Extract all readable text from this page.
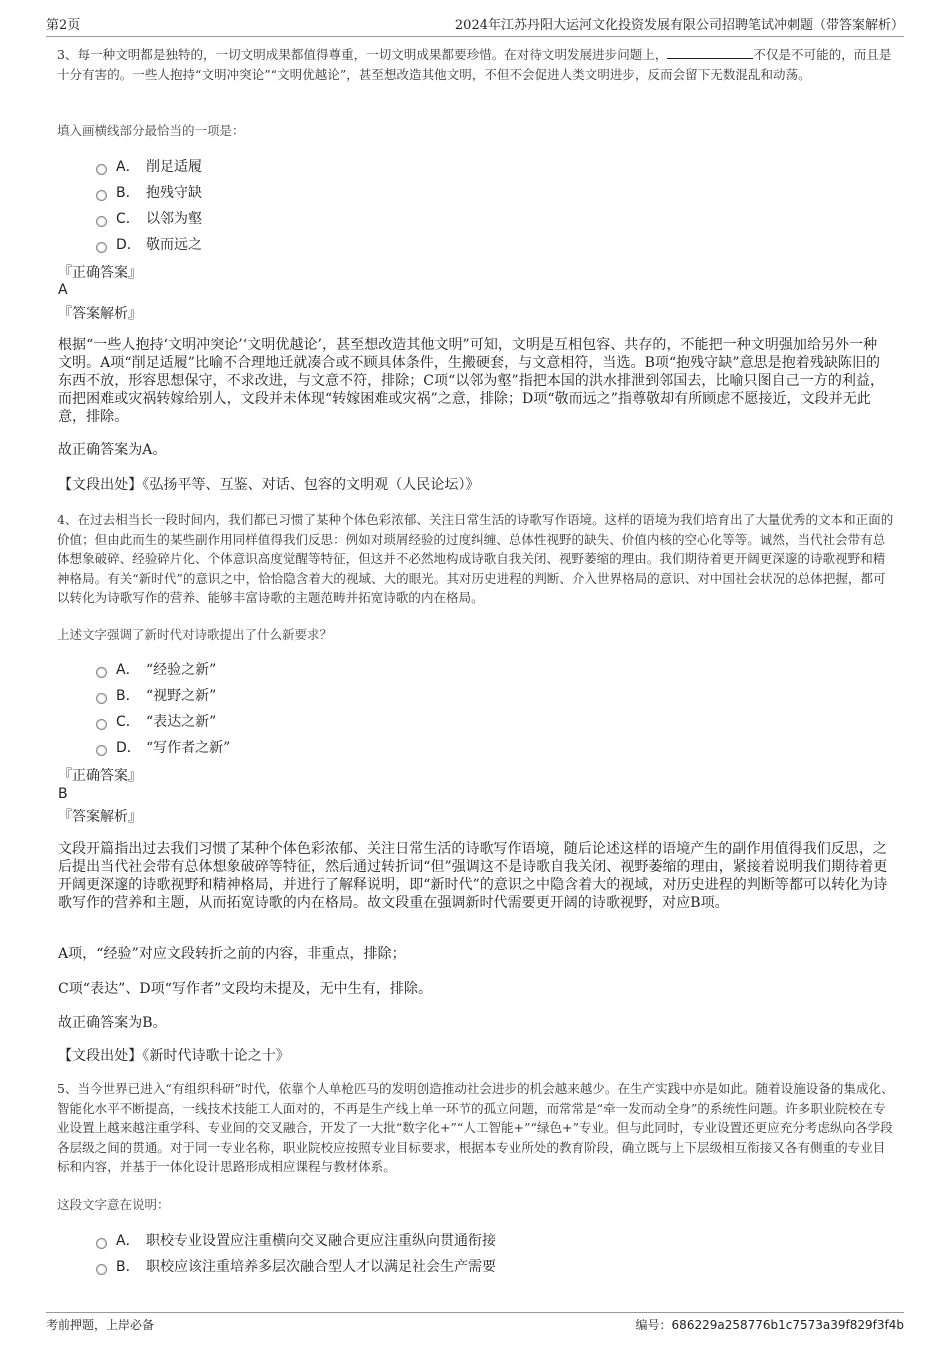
第2页	2024年江苏丹阳大运河文化投资发展有限公司招聘笔试冲刺题（带答案解析）

3、每一种文明都是独特的，一切文明成果都值得尊重，一切文明成果都要珍惜。在对待文明发展进步问题上，	不仅是不可能的，而且是十分有害的。一些人抱持“文明冲突论”“文明优越论”，甚至想改造其他文明，不但不会促进人类文明进步，反而会留下无数混乱和动荡。

填入画横线部分最恰当的一项是：
A． 削足适履
B． 抱残守缺
C． 以邻为壑
D． 敬而远之
『正确答案』
A
『答案解析』

根据“一些人抱持‘文明冲突论’‘文明优越论’，甚至想改造其他文明”可知，文明是互相包容、共存的，不能把一种文明强加给另外一种文明。A项“削足适履”比喻不合理地迁就凑合或不顾具体条件，生搬硬套，与文意相符，当选。B项“抱残守缺”意思是抱着残缺陈旧的东西不放，形容思想保守，不求改进，与文意不符，排除；C项“以邻为壑”指把本国的洪水排泄到邻国去，比喻只图自己一方的利益，而把困难或灾祸转嫁给别人，文段并未体现“转嫁困难或灾祸”之意，排除；D项“敬而远之”指尊敬却有所顾虑不愿接近，文段并无此意，排除。

故正确答案为A。

【文段出处】《弘扬平等、互鉴、对话、包容的文明观（人民论坛）》

4、在过去相当长一段时间内，我们都已习惯了某种个体色彩浓郁、关注日常生活的诗歌写作语境。这样的语境为我们培育出了大量优秀的文本和正面的价值；但由此而生的某些副作用同样值得我们反思：例如对琐屑经验的过度纠缠、总体性视野的缺失、价值内核的空心化等等。诚然，当代社会带有总体想象破碎、经验碎片化、个体意识高度觉醒等特征，但这并不必然地构成诗歌自我关闭、视野萎缩的理由。我们期待着更开阔更深邃的诗歌视野和精神格局。有关“新时代”的意识之中，恰恰隐含着大的视域、大的眼光。其对历史进程的判断、介入世界格局的意识、对中国社会状况的总体把握，都可以转化为诗歌写作的营养、能够丰富诗歌的主题范畴并拓宽诗歌的内在格局。

上述文字强调了新时代对诗歌提出了什么新要求？
A． “经验之新”
B． “视野之新”
C． “表达之新”
D． “写作者之新”
『正确答案』
B
『答案解析』

文段开篇指出过去我们习惯了某种个体色彩浓郁、关注日常生活的诗歌写作语境，随后论述这样的语境产生的副作用值得我们反思，之后提出当代社会带有总体想象破碎等特征，然后通过转折词“但”强调这不是诗歌自我关闭、视野萎缩的理由，紧接着说明我们期待着更开阔更深邃的诗歌视野和精神格局，并进行了解释说明，即“新时代”的意识之中隐含着大的视域，对历史进程的判断等都可以转化为诗歌写作的营养和主题，从而拓宽诗歌的内在格局。故文段重在强调新时代需要更开阔的诗歌视野，对应B项。

A项，“经验”对应文段转折之前的内容，非重点，排除；

C项“表达”、D项“写作者”文段均未提及，无中生有，排除。

故正确答案为B。

【文段出处】《新时代诗歌十论之十》

5、当今世界已进入“有组织科研”时代，依靠个人单枪匹马的发明创造推动社会进步的机会越来越少。在生产实践中亦是如此。随着设施设备的集成化、智能化水平不断提高，一线技术技能工人面对的，不再是生产线上单一环节的孤立问题，而常常是“牵一发而动全身”的系统性问题。许多职业院校在专业设置上越来越注重学科、专业间的交叉融合，开发了一大批“数字化+”“人工智能+”“绿色+”专业。但与此同时，专业设置还更应充分考虑纵向各学段各层级之间的贯通。对于同一专业名称，职业院校应按照专业目标要求，根据本专业所处的教育阶段，确立既与上下层级相互衔接又各有侧重的专业目标和内容，并基于一体化设计思路形成相应课程与教材体系。

这段文字意在说明：
A． 职校专业设置应注重横向交叉融合更应注重纵向贯通衔接
B． 职校应该注重培养多层次融合型人才以满足社会生产需要
考前押题，上岸必备	编号：686229a258776b1c7573a39f829f3f4b
